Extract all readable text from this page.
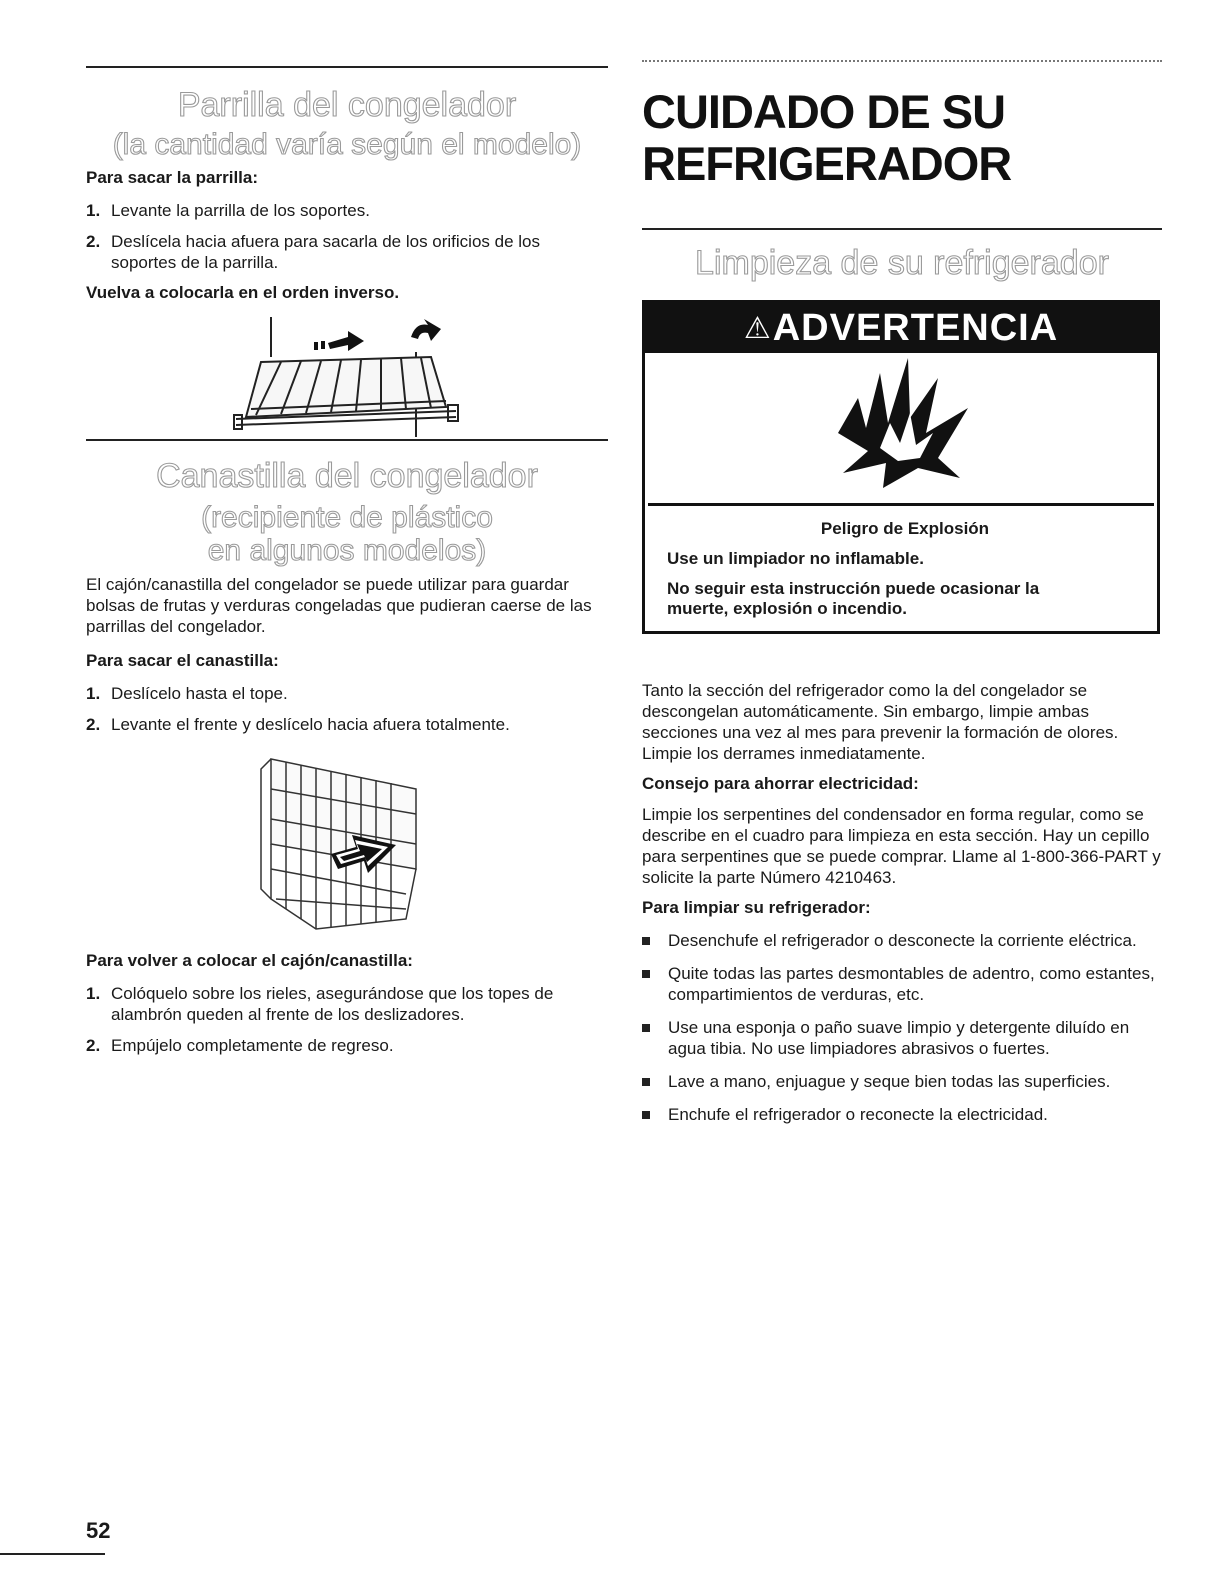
Parrilla del congelador
(la cantidad varía según el modelo)

Para sacar la parrilla:

1. Levante la parrilla de los soportes.
2. Deslícela hacia afuera para sacarla de los orificios de los soportes de la parrilla.

Vuelva a colocarla en el orden inverso.

Canastilla del congelador
(recipiente de plástico
en algunos modelos)

El cajón/canastilla del congelador se puede utilizar para guardar bolsas de frutas y verduras congeladas que pudieran caerse de las parrillas del congelador.

Para sacar el canastilla:

1. Deslícelo hasta el tope.
2. Levante el frente y deslícelo hacia afuera totalmente.

Para volver a colocar el cajón/canastilla:

1. Colóquelo sobre los rieles, asegurándose que los topes de alambrón queden al frente de los deslizadores.
2. Empújelo completamente de regreso.
CUIDADO DE SU
REFRIGERADOR
Limpieza de su refrigerador
⚠ ADVERTENCIA

Peligro de Explosión

Use un limpiador no inflamable.

No seguir esta instrucción puede ocasionar la muerte, explosión o incendio.

Tanto la sección del refrigerador como la del congelador se descongelan automáticamente. Sin embargo, limpie ambas secciones una vez al mes para prevenir la formación de olores. Limpie los derrames inmediatamente.

Consejo para ahorrar electricidad:

Limpie los serpentines del condensador en forma regular, como se describe en el cuadro para limpieza en esta sección. Hay un cepillo para serpentines que se puede comprar. Llame al 1-800-366-PART y solicite la parte Número 4210463.

Para limpiar su refrigerador:

Desenchufe el refrigerador o desconecte la corriente eléctrica.
Quite todas las partes desmontables de adentro, como estantes, compartimientos de verduras, etc.
Use una esponja o paño suave limpio y detergente diluído en agua tibia. No use limpiadores abrasivos o fuertes.
Lave a mano, enjuague y seque bien todas las superficies.
Enchufe el refrigerador o reconecte la electricidad.
52
